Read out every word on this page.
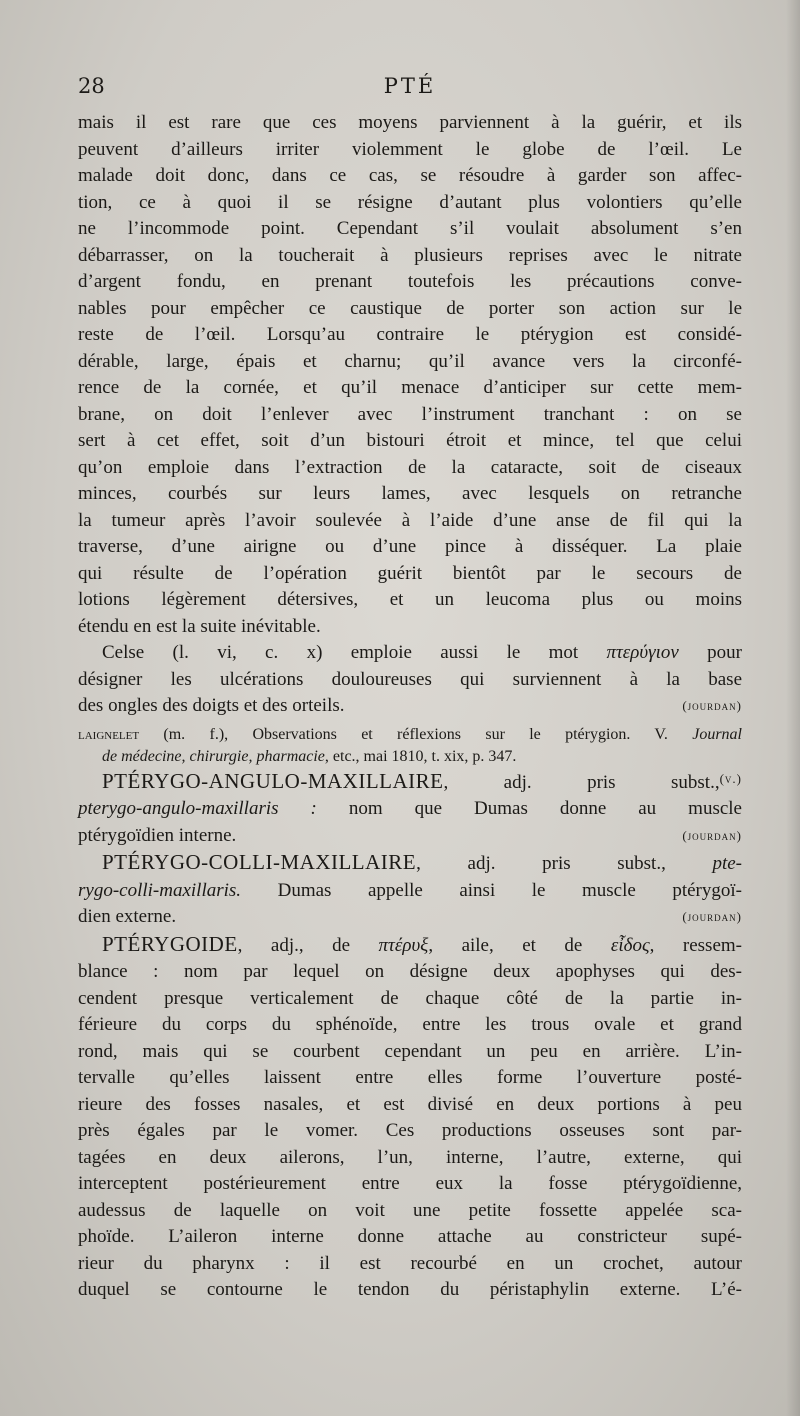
28	PTÉ
mais il est rare que ces moyens parviennent à la guérir, et ils
peuvent d’ailleurs irriter violemment le globe de l’œil. Le
malade doit donc, dans ce cas, se résoudre à garder son affec-
tion, ce à quoi il se résigne d’autant plus volontiers qu’elle
ne l’incommode point. Cependant s’il voulait absolument s’en
débarrasser, on la toucherait à plusieurs reprises avec le nitrate
d’argent fondu, en prenant toutefois les précautions conve-
nables pour empêcher ce caustique de porter son action sur le
reste de l’œil. Lorsqu’au contraire le ptérygion est considé-
dérable, large, épais et charnu; qu’il avance vers la circonfé-
rence de la cornée, et qu’il menace d’anticiper sur cette mem-
brane, on doit l’enlever avec l’instrument tranchant : on se
sert à cet effet, soit d’un bistouri étroit et mince, tel que celui
qu’on emploie dans l’extraction de la cataracte, soit de ciseaux
minces, courbés sur leurs lames, avec lesquels on retranche
la tumeur après l’avoir soulevée à l’aide d’une anse de fil qui la
traverse, d’une airigne ou d’une pince à disséquer. La plaie
qui résulte de l’opération guérit bientôt par le secours de
lotions légèrement détersives, et un leucoma plus ou moins
étendu en est la suite inévitable.
Celse (l. vi, c. x) emploie aussi le mot πτερύγιον pour
désigner les ulcérations douloureuses qui surviennent à la base
des ongles des doigts et des orteils.	(jourdan)
laignelet (m. f.), Observations et réflexions sur le ptérygion. V. Journal
de médecine, chirurgie, pharmacie, etc., mai 1810, t. xix, p. 347.
(v.)
PTÉRYGO-ANGULO-MAXILLAIRE, adj. pris subst.,
pterygo-angulo-maxillaris : nom que Dumas donne au muscle
ptérygoïdien interne.	(jourdan)
PTÉRYGO-COLLI-MAXILLAIRE, adj. pris subst., pte-
rygo-colli-maxillaris. Dumas appelle ainsi le muscle ptérygoï-
dien externe.	(jourdan)
PTÉRYGOIDE, adj., de πτέρυξ, aile, et de εἶδος, ressem-
blance : nom par lequel on désigne deux apophyses qui des-
cendent presque verticalement de chaque côté de la partie in-
férieure du corps du sphénoïde, entre les trous ovale et grand
rond, mais qui se courbent cependant un peu en arrière. L’in-
tervalle qu’elles laissent entre elles forme l’ouverture posté-
rieure des fosses nasales, et est divisé en deux portions à peu
près égales par le vomer. Ces productions osseuses sont par-
tagées en deux ailerons, l’un, interne, l’autre, externe, qui
interceptent postérieurement entre eux la fosse ptérygoïdienne,
audessus de laquelle on voit une petite fossette appelée sca-
phoïde. L’aileron interne donne attache au constricteur supé-
rieur du pharynx : il est recourbé en un crochet, autour
duquel se contourne le tendon du péristaphylin externe. L’é-
